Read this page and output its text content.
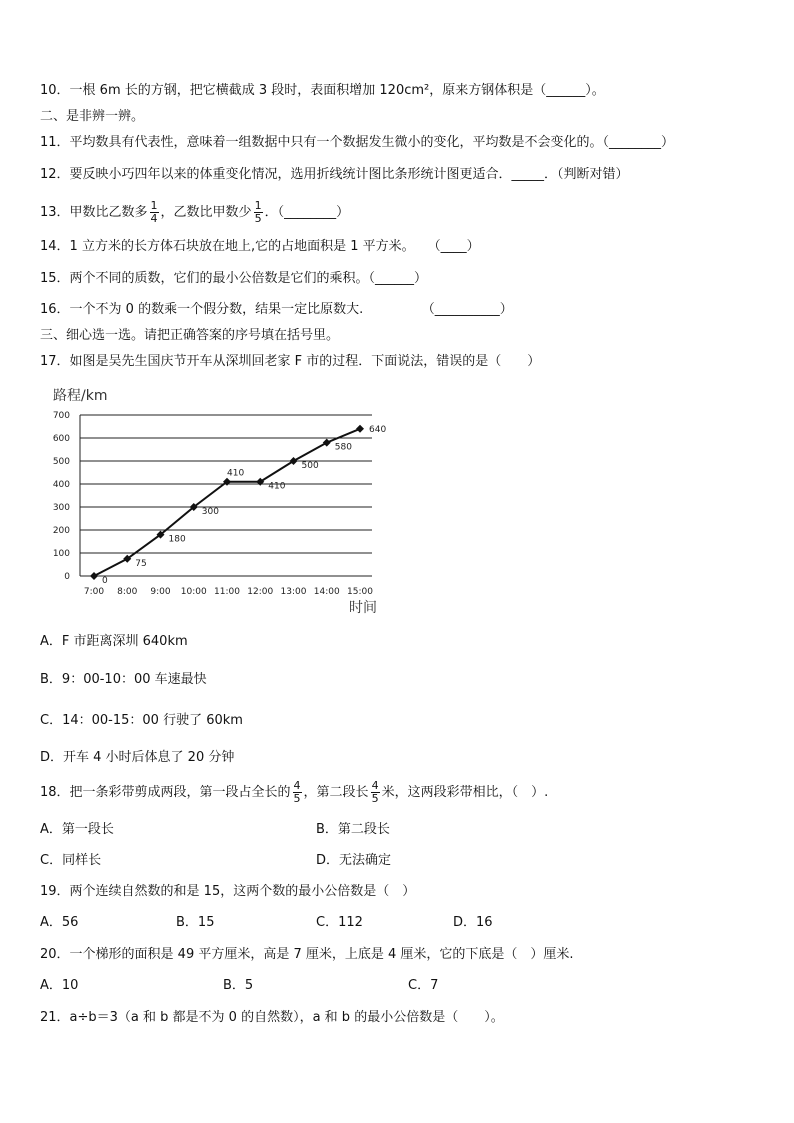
10．一根 6m 长的方钢，把它横截成 3 段时，表面积增加 120cm²，原来方钢体积是（______）。
二、是非辨一辨。
11．平均数具有代表性，意味着一组数据中只有一个数据发生微小的变化，平均数是不会变化的。（________）
12．要反映小巧四年以来的体重变化情况，选用折线统计图比条形统计图更适合．_____．（判断对错）
13．甲数比乙数多 $\frac{1}{4}$ ，乙数比甲数少 $\frac{1}{5}$ ．（________）
14．1 立方米的长方体石块放在地上,它的占地面积是 1 平方米。　　（____）
15．两个不同的质数，它们的最小公倍数是它们的乘积。（______）
16．一个不为 0 的数乘一个假分数，结果一定比原数大.　　　　　（__________）
三、细心选一选。请把正确答案的序号填在括号里。
17．如图是吴先生国庆节开车从深圳回老家 F 市的过程．下面说法，错误的是（　　）
路程/km
0
100
200
300
400
500
600
700
7:00 8:00 9:00 10:00 11:00 12:00 13:00 14:00 15:00
0
75
180
300
410
410
500
580
640
时间
A．F 市距离深圳 640km
B．9：00-10：00 车速最快
C．14：00-15：00 行驶了 60km
D．开车 4 小时后体息了 20 分钟
18．把一条彩带剪成两段，第一段占全长的 $\frac{4}{5}$ ，第二段长 $\frac{4}{5}$ 米，这两段彩带相比，（　）.
A．第一段长	B．第二段长
C．同样长	D．无法确定
19．两个连续自然数的和是 15，这两个数的最小公倍数是（　）
A．56	B．15	C．112	D．16
20．一个梯形的面积是 49 平方厘米，高是 7 厘米，上底是 4 厘米，它的下底是（　）厘米.
A．10	B．5	C．7
21．a÷b＝3（a 和 b 都是不为 0 的自然数），a 和 b 的最小公倍数是（　　）。
